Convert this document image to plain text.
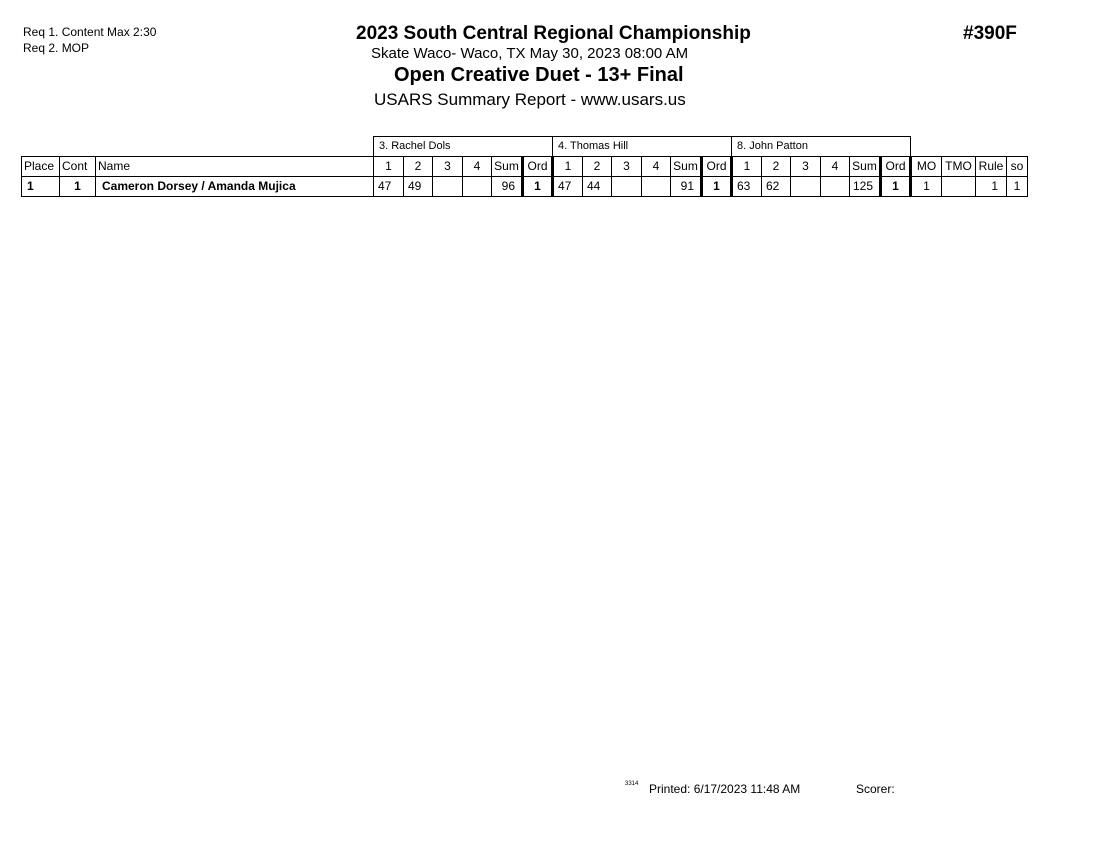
Req 1. Content Max 2:30
Req 2. MOP
2023 South Central Regional Championship
Skate Waco- Waco, TX May 30, 2023 08:00 AM
Open Creative Duet - 13+ Final
USARS Summary Report - www.usars.us
#390F
			3. Rachel Dols						4. Thomas Hill						8. John Patton									
Place	Cont	Name	1	2	3	4	Sum	Ord	1	2	3	4	Sum	Ord	1	2	3	4	Sum	Ord	MO	TMO	Rule	so
1	1	Cameron Dorsey / Amanda Mujica	47	49			96	1	47	44			91	1	63	62			125	1	1		1	1
3314 Printed: 6/17/2023 11:48 AM	Scorer:
